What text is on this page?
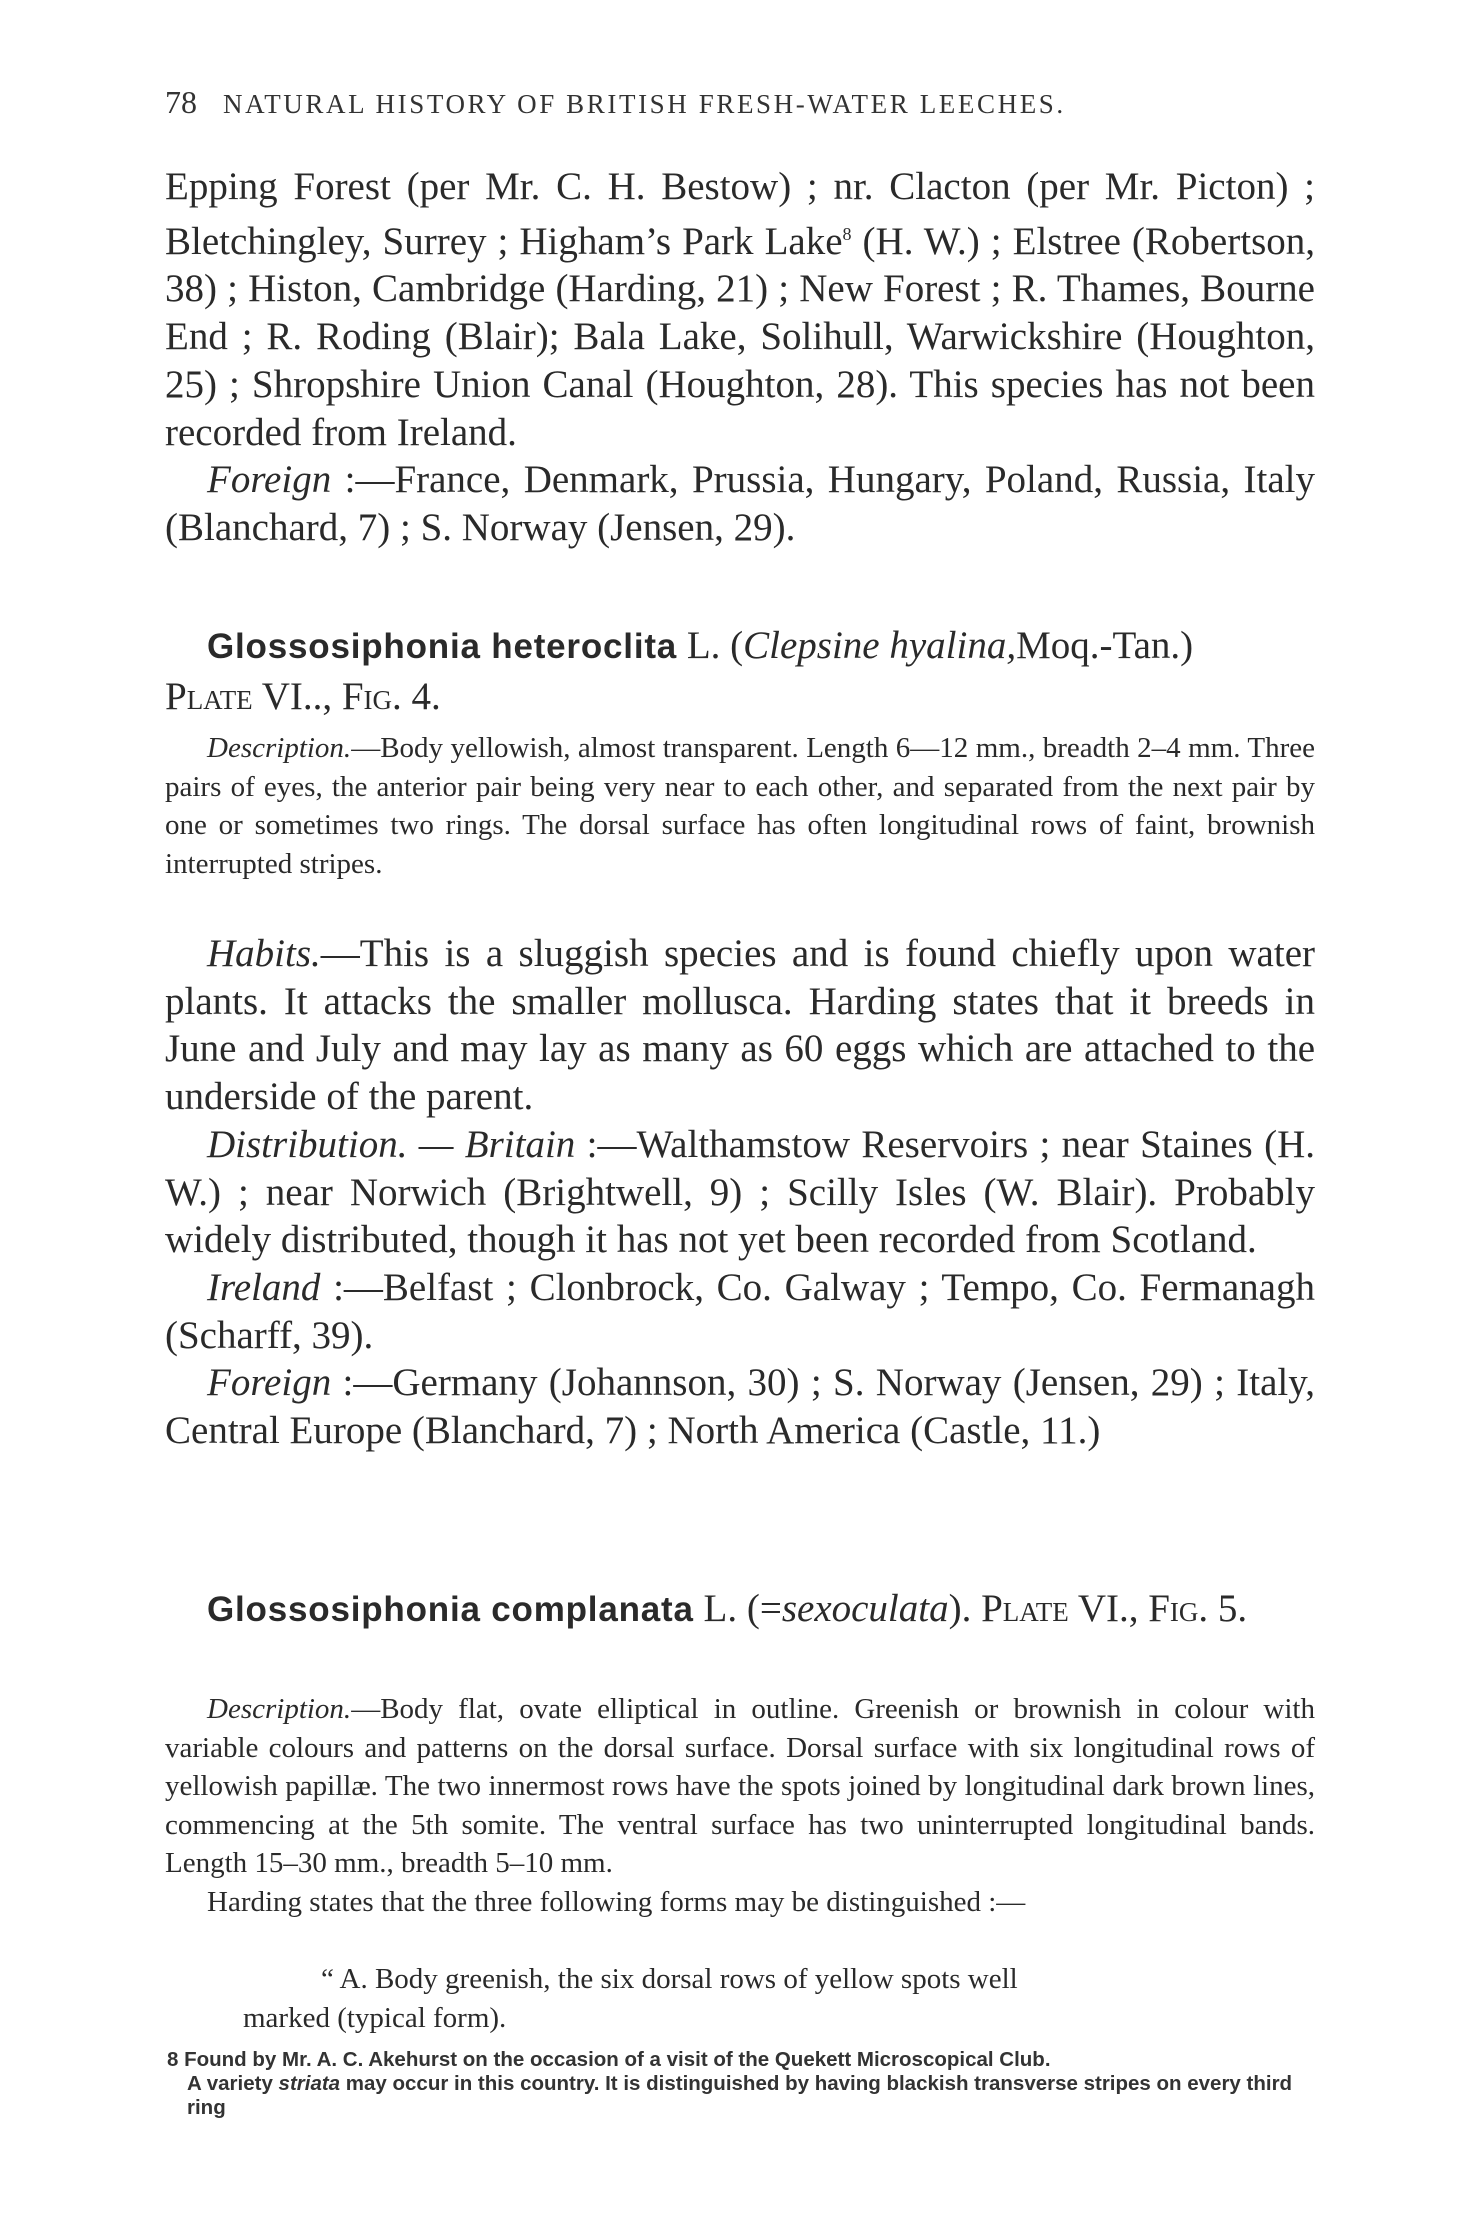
78 NATURAL HISTORY OF BRITISH FRESH-WATER LEECHES.

Epping Forest (per Mr. C. H. Bestow) ; nr. Clacton (per Mr. Picton) ; Bletchingley, Surrey ; Higham’s Park Lake$^8$ (H. W.) ; Elstree (Robertson, 38) ; Histon, Cambridge (Harding, 21) ; New Forest ; R. Thames, Bourne End ; R. Roding (Blair); Bala Lake, Solihull, Warwickshire (Houghton, 25) ; Shropshire Union Canal (Houghton, 28). This species has not been recorded from Ireland.

Foreign :—France, Denmark, Prussia, Hungary, Poland, Russia, Italy (Blanchard, 7) ; S. Norway (Jensen, 29).

Glossosiphonia heteroclita L. (Clepsine hyalina,Moq.-Tan.)
Plate VI.., Fig. 4.

Description.—Body yellowish, almost transparent. Length 6—12 mm., breadth 2–4 mm. Three pairs of eyes, the anterior pair being very near to each other, and separated from the next pair by one or sometimes two rings. The dorsal surface has often longitudinal rows of faint, brownish interrupted stripes.

Habits.—This is a sluggish species and is found chiefly upon water plants. It attacks the smaller mollusca. Harding states that it breeds in June and July and may lay as many as 60 eggs which are attached to the underside of the parent.

Distribution. — Britain :—Walthamstow Reservoirs ; near Staines (H. W.) ; near Norwich (Brightwell, 9) ; Scilly Isles (W. Blair). Probably widely distributed, though it has not yet been recorded from Scotland.

Ireland :—Belfast ; Clonbrock, Co. Galway ; Tempo, Co. Fermanagh (Scharff, 39).

Foreign :—Germany (Johannson, 30) ; S. Norway (Jensen, 29) ; Italy, Central Europe (Blanchard, 7) ; North America (Castle, 11.)

Glossosiphonia complanata L. (=sexoculata). Plate VI., Fig. 5.

Description.—Body flat, ovate elliptical in outline. Greenish or brownish in colour with variable colours and patterns on the dorsal surface. Dorsal surface with six longitudinal rows of yellowish papillæ. The two innermost rows have the spots joined by longitudinal dark brown lines, commencing at the 5th somite. The ventral surface has two uninterrupted longitudinal bands. Length 15–30 mm., breadth 5–10 mm.

Harding states that the three following forms may be distinguished :—

“ A. Body greenish, the six dorsal rows of yellow spots well

marked (typical form).

8 Found by Mr. A. C. Akehurst on the occasion of a visit of the Quekett Microscopical Club.

A variety striata may occur in this country. It is distinguished by having blackish transverse stripes on every third ring
